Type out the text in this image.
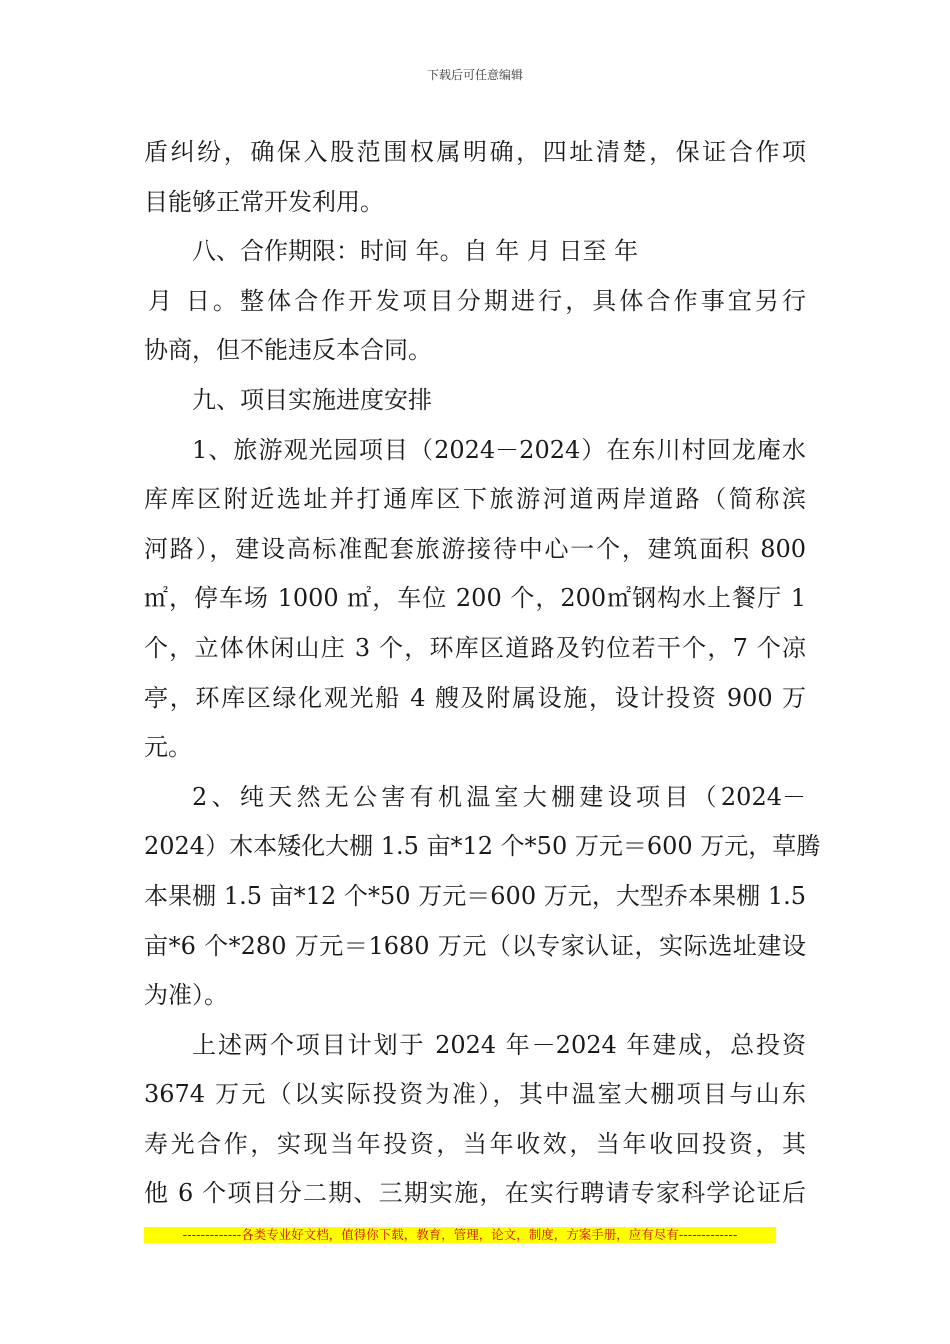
下载后可任意编辑
盾纠纷，确保入股范围权属明确，四址清楚，保证合作项
目能够正常开发利用。
八、合作期限：时间 年。自 年 月 日至 年
月 日。整体合作开发项目分期进行，具体合作事宜另行
协商，但不能违反本合同。
九、项目实施进度安排
1、旅游观光园项目（2024－2024）在东川村回龙庵水
库库区附近选址并打通库区下旅游河道两岸道路（简称滨
河路），建设高标准配套旅游接待中心一个，建筑面积 800
㎡，停车场 1000 ㎡，车位 200 个，200㎡钢构水上餐厅 1
个，立体休闲山庄 3 个，环库区道路及钓位若干个，7 个凉
亭，环库区绿化观光船 4 艘及附属设施，设计投资 900 万
元。
2、纯天然无公害有机温室大棚建设项目（2024－
2024）木本矮化大棚 1.5 亩*12 个*50 万元＝600 万元，草腾
本果棚 1.5 亩*12 个*50 万元＝600 万元，大型乔本果棚 1.5
亩*6 个*280 万元＝1680 万元（以专家认证，实际选址建设
为准）。
上述两个项目计划于 2024 年－2024 年建成，总投资
3674 万元（以实际投资为准），其中温室大棚项目与山东
寿光合作，实现当年投资，当年收效，当年收回投资，其
他 6 个项目分二期、三期实施，在实行聘请专家科学论证后
-------------各类专业好文档，值得你下载，教育，管理，论文，制度，方案手册，应有尽有-------------
